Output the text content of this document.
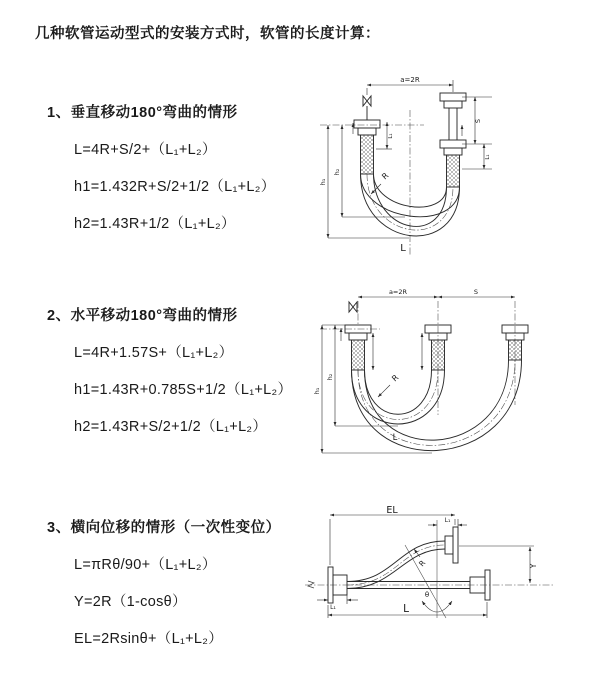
几种软管运动型式的安装方式时，软管的长度计算：
1、垂直移动180°弯曲的情形
L=4R+S/2+（L₁+L₂）
h1=1.432R+S/2+1/2（L₁+L₂）
h2=1.43R+1/2（L₁+L₂）
2、水平移动180°弯曲的情形
L=4R+1.57S+（L₁+L₂）
h1=1.43R+0.785S+1/2（L₁+L₂）
h2=1.43R+S/2+1/2（L₁+L₂）
3、横向位移的情形（一次性变位）
L=πRθ/90+（L₁+L₂）
Y=2R（1-cosθ）
EL=2Rsinθ+（L₁+L₂）
a=2R
h₁
h₂
L₁
S
L₁
R
L
a=2R	S
h₁
h₂	R
L
EL
L₁
Y
L
L₁
R
θ
